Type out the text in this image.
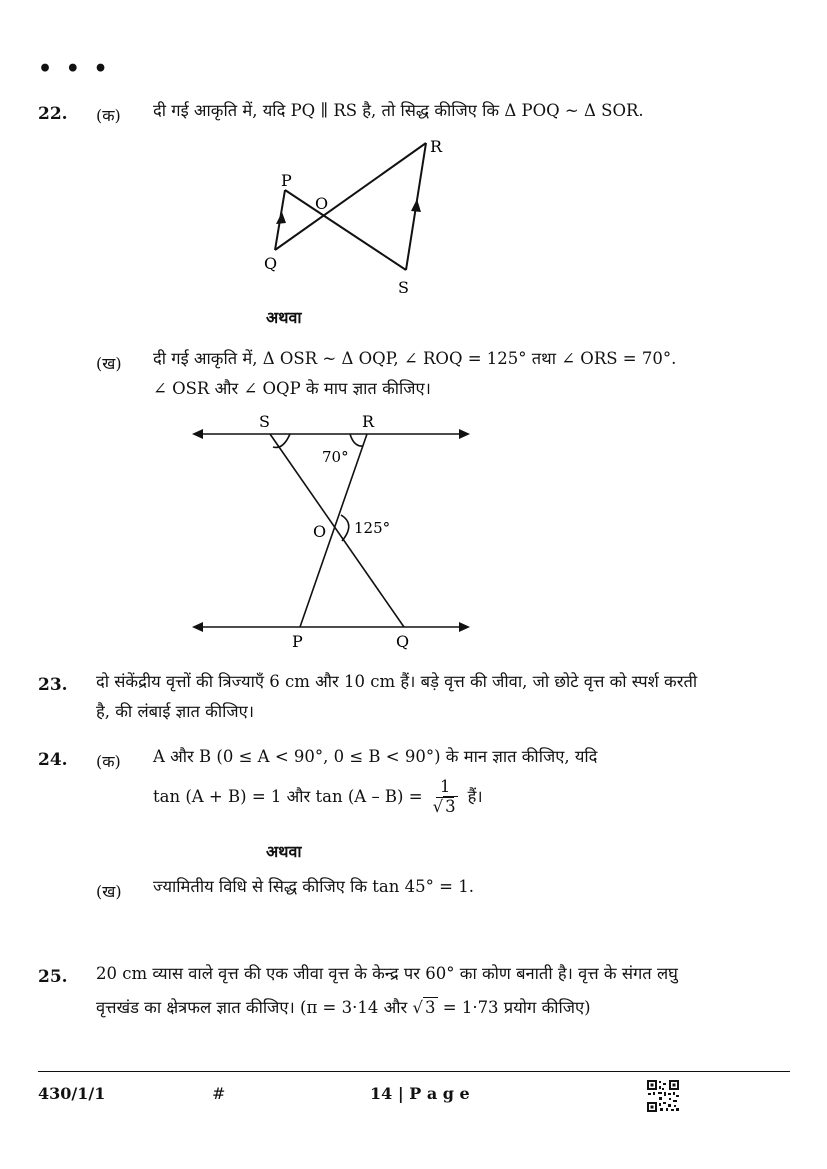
• • •
22. (क) दी गई आकृति में, यदि PQ ∥ RS है, तो सिद्ध कीजिए कि Δ POQ ~ Δ SOR.
P
O
Q
R
S
अथवा
(ख) दी गई आकृति में, Δ OSR ~ Δ OQP, ∠ ROQ = 125° तथा ∠ ORS = 70°.
∠ OSR और ∠ OQP के माप ज्ञात कीजिए।
S	R
70°
O 125°
P	Q
23. दो संकेंद्रीय वृत्तों की त्रिज्याएँ 6 cm और 10 cm हैं। बड़े वृत्त की जीवा, जो छोटे वृत्त को स्पर्श करती
है, की लंबाई ज्ञात कीजिए।
24. (क) A और B (0 ≤ A < 90°, 0 ≤ B < 90°) के मान ज्ञात कीजिए, यदि
tan (A + B) = 1 और $\tan (A - B) = \frac{1}{√ 3}$ हैं।
अथवा
(ख) ज्यामितीय विधि से सिद्ध कीजिए कि tan 45° = 1.
25. 20 cm व्यास वाले वृत्त की एक जीवा वृत्त के केन्द्र पर 60° का कोण बनाती है। वृत्त के संगत लघु
वृत्तखंड का क्षेत्रफल ज्ञात कीजिए। (π = 3·14 और √ 3 = 1·73 प्रयोग कीजिए)
430/1/1	#	14 | P a g e
